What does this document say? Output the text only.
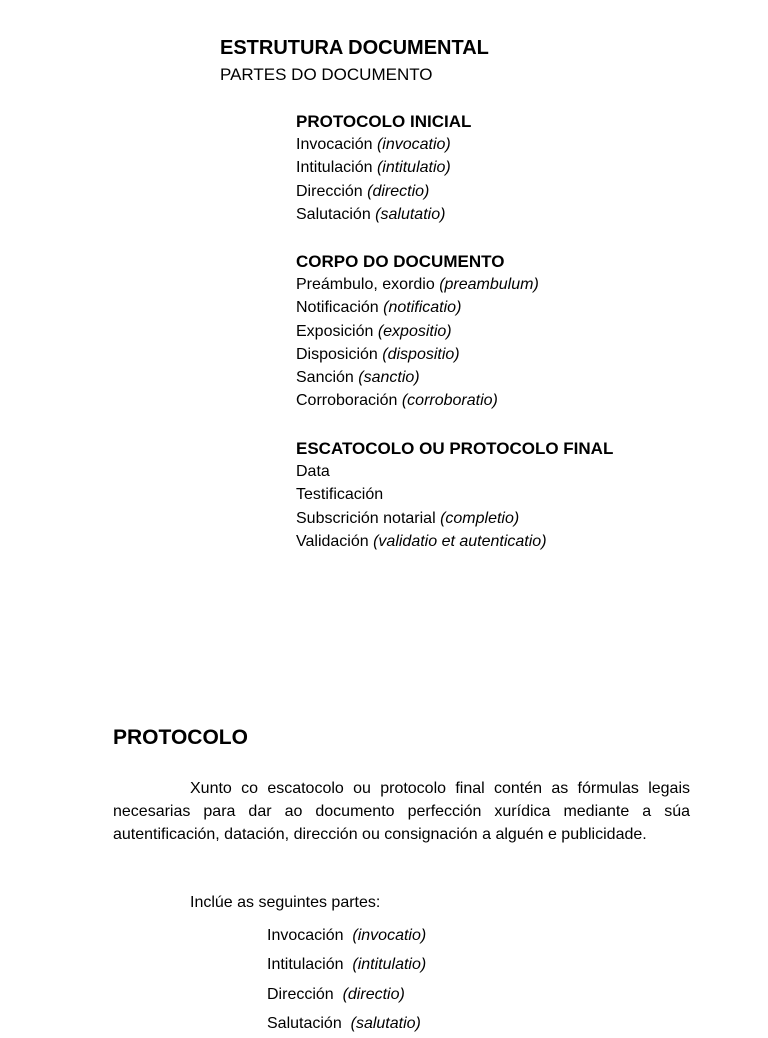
ESTRUTURA DOCUMENTAL
PARTES DO DOCUMENTO
PROTOCOLO INICIAL
Invocación (invocatio)
Intitulación (intitulatio)
Dirección (directio)
Salutación (salutatio)
CORPO DO DOCUMENTO
Preámbulo, exordio (preambulum)
Notificación (notificatio)
Exposición (expositio)
Disposición (dispositio)
Sanción (sanctio)
Corroboración (corroboratio)
ESCATOCOLO OU PROTOCOLO FINAL
Data
Testificación
Subscrición notarial (completio)
Validación (validatio et autenticatio)
PROTOCOLO
Xunto co escatocolo ou protocolo final contén as fórmulas legais necesarias para dar ao documento perfección xurídica mediante a súa autentificación, datación, dirección ou consignación a alguén e publicidade.
Inclúe as seguintes partes:
Invocación (invocatio)
Intitulación (intitulatio)
Dirección (directio)
Salutación (salutatio)
